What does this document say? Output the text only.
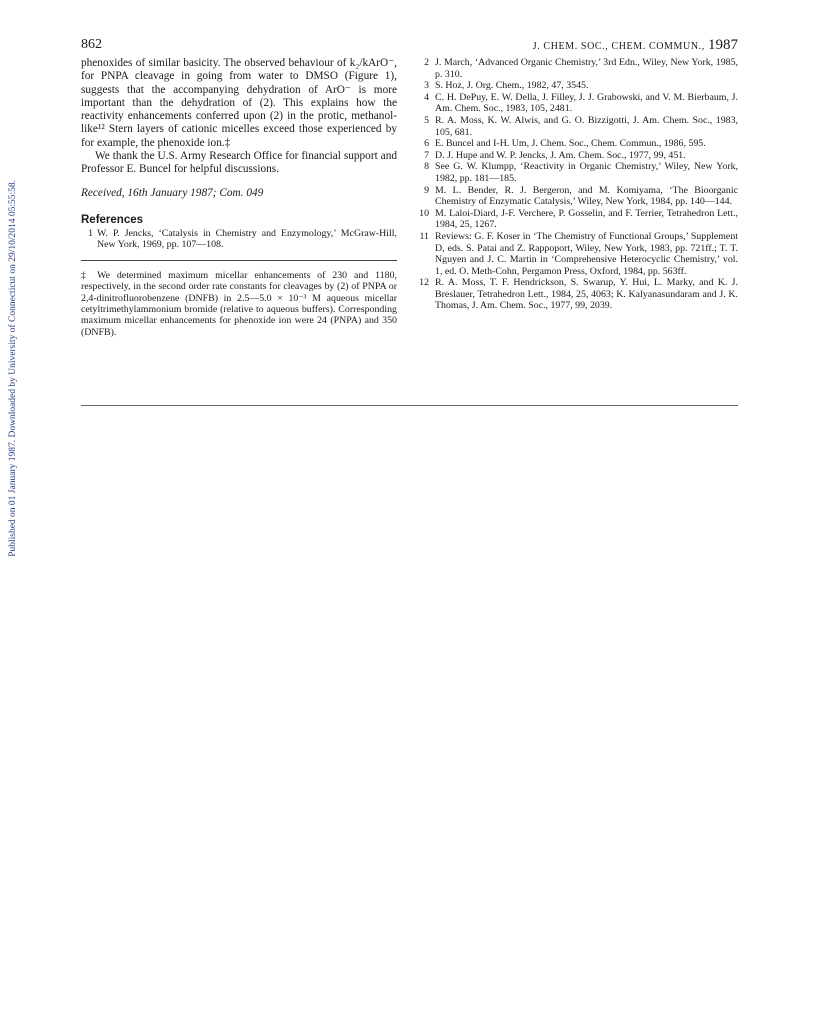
862	J. CHEM. SOC., CHEM. COMMUN., 1987
Published on 01 January 1987. Downloaded by University of Connecticut on 29/10/2014 05:55:58.

phenoxides of similar basicity. The observed behaviour of k₂/kArO⁻, for PNPA cleavage in going from water to DMSO (Figure 1), suggests that the accompanying dehydration of ArO⁻ is more important than the dehydration of (2). This explains how the reactivity enhancements conferred upon (2) in the protic, methanol-like¹² Stern layers of cationic micelles exceed those experienced by for example, the phenoxide ion.‡

We thank the U.S. Army Research Office for financial support and Professor E. Buncel for helpful discussions.

Received, 16th January 1987; Com. 049
References

1 W. P. Jencks, ‘Catalysis in Chemistry and Enzymology,’ McGraw-Hill, New York, 1969, pp. 107—108.

‡ We determined maximum micellar enhancements of 230 and 1180, respectively, in the second order rate constants for cleavages by (2) of PNPA or 2,4-dinitrofluorobenzene (DNFB) in 2.5—5.0 × 10⁻³ M aqueous micellar cetyltrimethylammonium bromide (relative to aqueous buffers). Corresponding maximum micellar enhancements for phenoxide ion were 24 (PNPA) and 350 (DNFB).

2 J. March, ‘Advanced Organic Chemistry,’ 3rd Edn., Wiley, New York, 1985, p. 310.

3 S. Hoz, J. Org. Chem., 1982, 47, 3545.

4 C. H. DePuy, E. W. Della, J. Filley, J. J. Grabowski, and V. M. Bierbaum, J. Am. Chem. Soc., 1983, 105, 2481.

5 R. A. Moss, K. W. Alwis, and G. O. Bizzigotti, J. Am. Chem. Soc., 1983, 105, 681.

6 E. Buncel and I-H. Um, J. Chem. Soc., Chem. Commun., 1986, 595.

7 D. J. Hupe and W. P. Jencks, J. Am. Chem. Soc., 1977, 99, 451.

8 See G. W. Klumpp, ‘Reactivity in Organic Chemistry,’ Wiley, New York, 1982, pp. 181—185.

9 M. L. Bender, R. J. Bergeron, and M. Komiyama, ‘The Bioorganic Chemistry of Enzymatic Catalysis,’ Wiley, New York, 1984, pp. 140—144.

10 M. Laloi-Diard, J-F. Verchere, P. Gosselin, and F. Terrier, Tetrahedron Lett., 1984, 25, 1267.

11 Reviews: G. F. Koser in ‘The Chemistry of Functional Groups,’ Supplement D, eds. S. Patai and Z. Rappoport, Wiley, New York, 1983, pp. 721ff.; T. T. Nguyen and J. C. Martin in ‘Comprehensive Heterocyclic Chemistry,’ vol. 1, ed. O. Meth-Cohn, Pergamon Press, Oxford, 1984, pp. 563ff.

12 R. A. Moss, T. F. Hendrickson, S. Swarup, Y. Hui, L. Marky, and K. J. Breslauer, Tetrahedron Lett., 1984, 25, 4063; K. Kalyanasundaram and J. K. Thomas, J. Am. Chem. Soc., 1977, 99, 2039.
